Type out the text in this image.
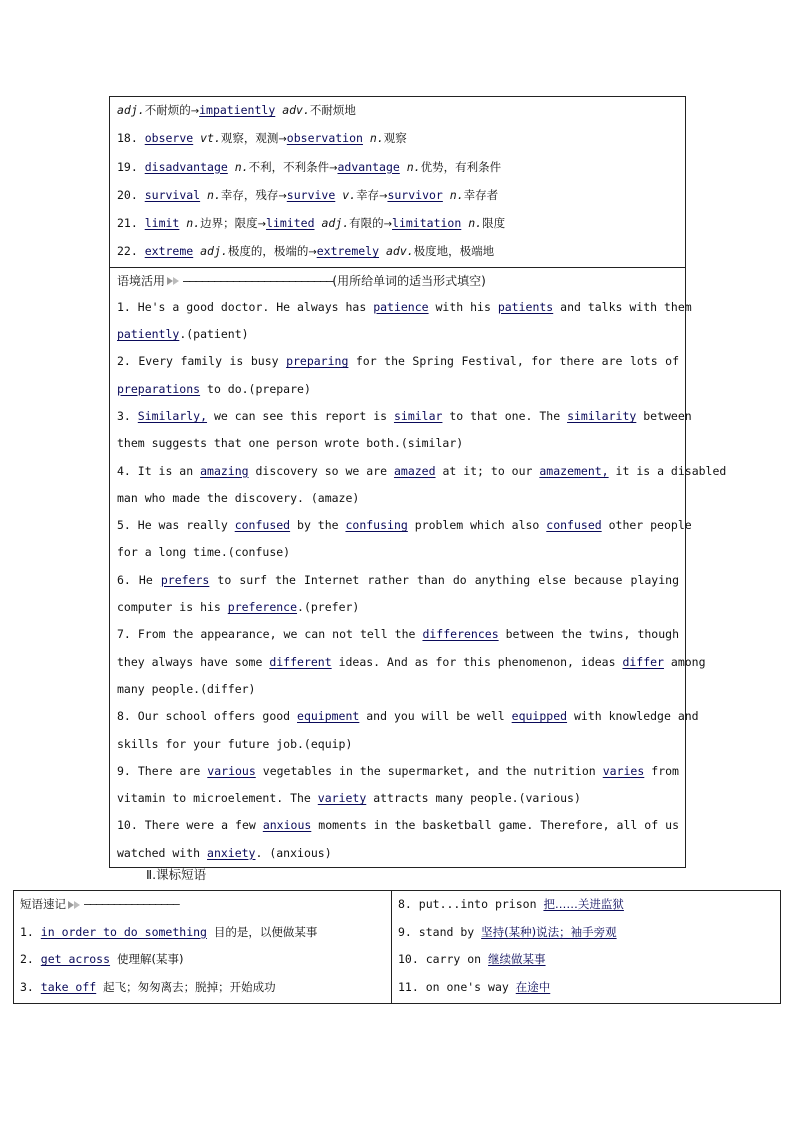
adj.不耐烦的→impatiently adv.不耐烦地
18. observe vt.观察，观测→observation n.观察
19. disadvantage n.不利，不利条件→advantage n.优势，有利条件
20. survival n.幸存，残存→survive v.幸存→survivor n.幸存者
21. limit n.边界；限度→limited adj.有限的→limitation n.限度
22. extreme adj.极度的，极端的→extremely adv.极度地，极端地
语境活用 ———————————————————————— (用所给单词的适当形式填空)
1. He's a good doctor. He always has patience with his patients and talks with them
patiently.(patient)
2. Every family is busy preparing for the Spring Festival, for there are lots of
preparations to do.(prepare)
3. Similarly, we can see this report is similar to that one. The similarity between
them suggests that one person wrote both.(similar)
4. It is an amazing discovery so we are amazed at it; to our amazement, it is a disabled
man who made the discovery. (amaze)
5. He was really confused by the confusing problem which also confused other people
for a long time.(confuse)
6. He prefers to surf the Internet rather than do anything else because playing
computer is his preference.(prefer)
7. From the appearance, we can not tell the differences between the twins, though
they always have some different ideas. And as for this phenomenon, ideas differ among
many people.(differ)
8. Our school offers good equipment and you will be well equipped with knowledge and
skills for your future job.(equip)
9. There are various vegetables in the supermarket, and the nutrition varies from
vitamin to microelement. The variety attracts many people.(various)
10. There were a few anxious moments in the basketball game. Therefore, all of us
watched with anxiety. (anxious)
Ⅱ.课标短语
短语速记 ————————————————
1. in order to do something 目的是，以便做某事
2. get across 使理解(某事)
3. take off 起飞；匆匆离去；脱掉；开始成功
8. put...into prison 把……关进监狱
9. stand by 坚持(某种)说法；袖手旁观
10. carry on 继续做某事
11. on one's way 在途中
